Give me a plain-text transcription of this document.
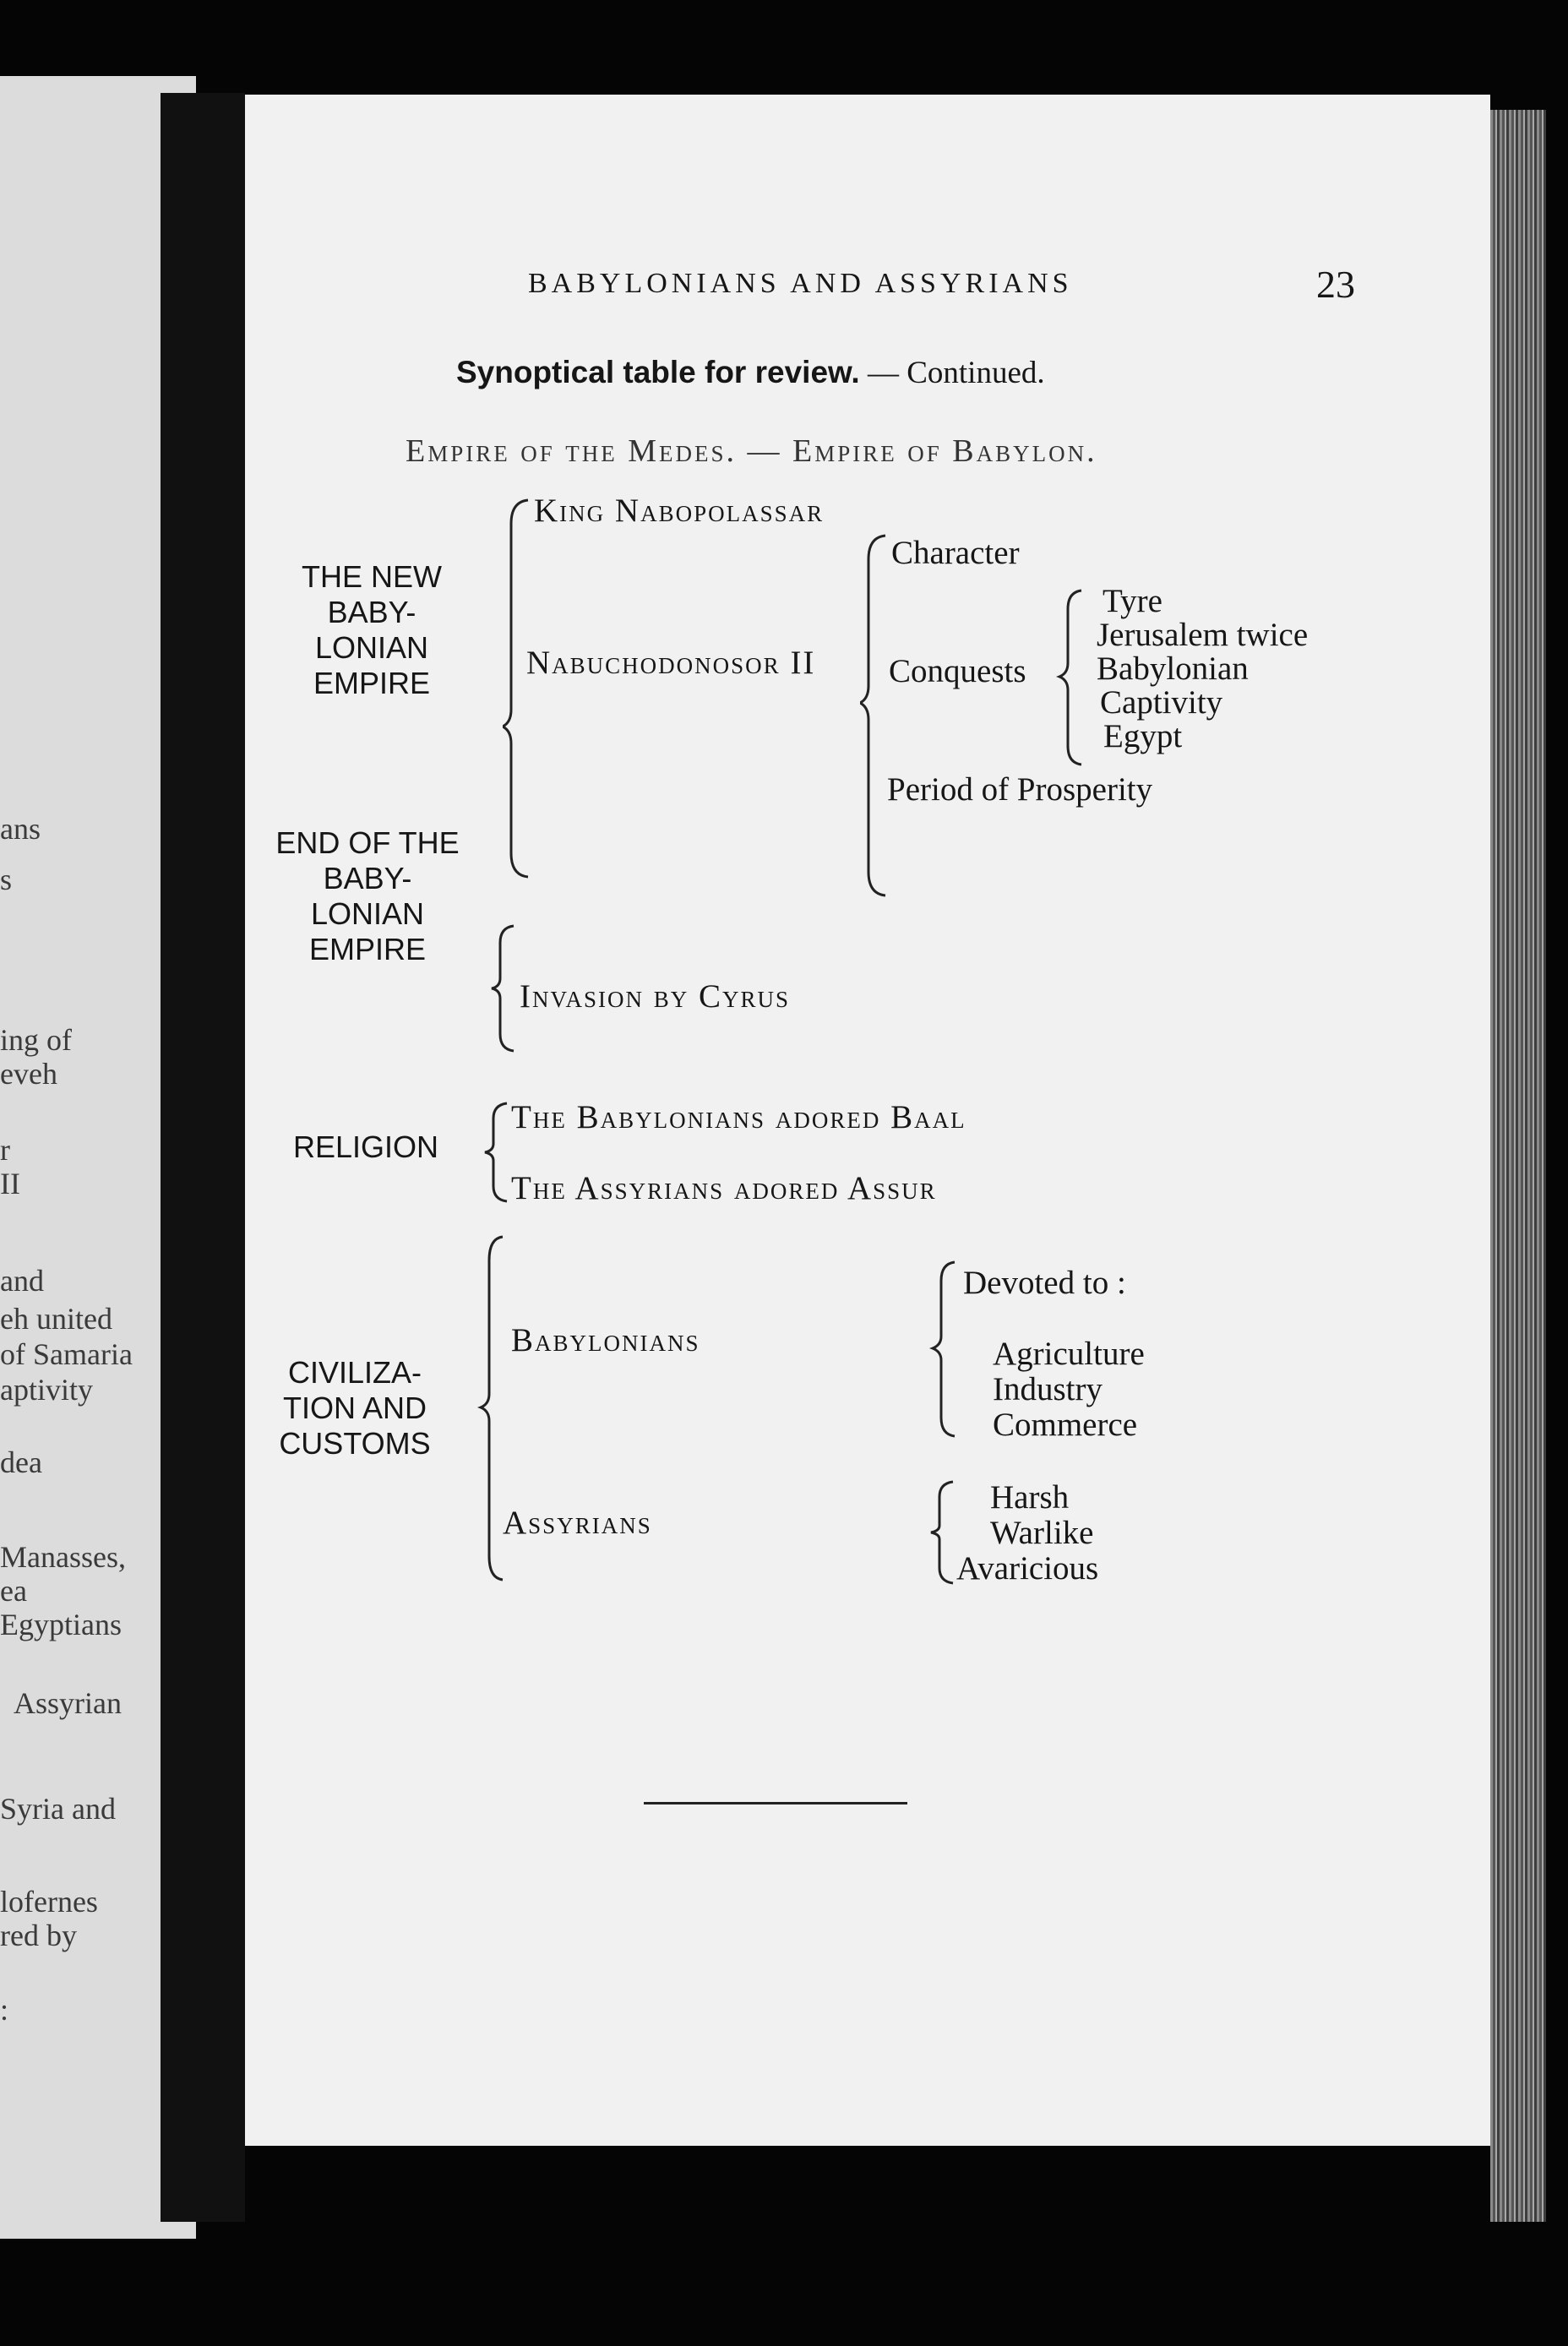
ans
s
ing of
eveh
r
II
and
eh united
of Samaria
aptivity
dea
Manasses,
ea
Egyptians
Assyrian
Syria and
lofernes
red by
:
BABYLONIANS AND ASSYRIANS	23
Synoptical table for review. — Continued.
Empire of the Medes. — Empire of Babylon.
THE NEW
BABY-
LONIAN
EMPIRE
King Nabopolassar
Nabuchodonosor II
Character
Conquests
Tyre
Jerusalem twice
Babylonian
Captivity
Egypt
Period of Prosperity
END OF THE
BABY-
LONIAN
EMPIRE
Invasion by Cyrus
RELIGION
The Babylonians adored Baal
The Assyrians adored Assur
CIVILIZA-
TION AND
CUSTOMS
Babylonians
Devoted to :
Agriculture
Industry
Commerce
Assyrians
Harsh
Warlike
Avaricious
